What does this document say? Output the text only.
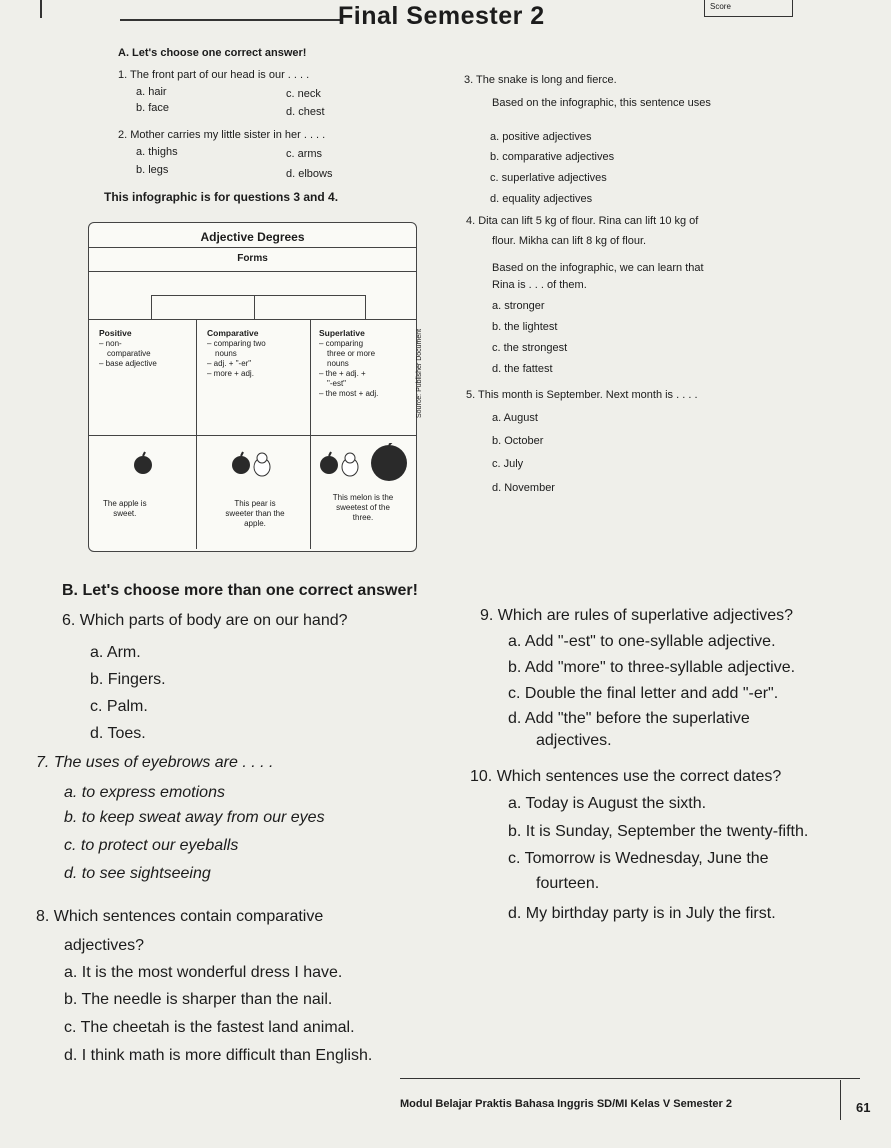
Final Semester 2	Score
A. Let's choose one correct answer!
1. The front part of our head is our . . . .
a. hair
b. face
c. neck
d. chest
2. Mother carries my little sister in her . . . .
a. thighs
b. legs
c. arms
d. elbows
This infographic is for questions 3 and 4.
Adjective Degrees
Forms
Positive
– non-
comparative
– base adjective
Comparative
– comparing two
nouns
– adj. + "-er"
– more + adj.
Superlative
– comparing
three or more
nouns
– the + adj. +
"-est"
– the most + adj.
The apple is
sweet.
This pear is
sweeter than the
apple.
This melon is the
sweetest of the
three.
Source: Publisher Document
3. The snake is long and fierce.
Based on the infographic, this sentence uses
a. positive adjectives
b. comparative adjectives
c. superlative adjectives
d. equality adjectives
4. Dita can lift 5 kg of flour. Rina can lift 10 kg of
flour. Mikha can lift 8 kg of flour.
Based on the infographic, we can learn that
Rina is . . . of them.
a. stronger
b. the lightest
c. the strongest
d. the fattest
5. This month is September. Next month is . . . .
a. August
b. October
c. July
d. November
B. Let's choose more than one correct answer!
6. Which parts of body are on our hand?
a. Arm.
b. Fingers.
c. Palm.
d. Toes.
7. The uses of eyebrows are . . . .
a. to express emotions
b. to keep sweat away from our eyes
c. to protect our eyeballs
d. to see sightseeing
8. Which sentences contain comparative
adjectives?
a. It is the most wonderful dress I have.
b. The needle is sharper than the nail.
c. The cheetah is the fastest land animal.
d. I think math is more difficult than English.
9. Which are rules of superlative adjectives?
a. Add "-est" to one-syllable adjective.
b. Add "more" to three-syllable adjective.
c. Double the final letter and add "-er".
d. Add "the" before the superlative
adjectives.
10. Which sentences use the correct dates?
a. Today is August the sixth.
b. It is Sunday, September the twenty-fifth.
c. Tomorrow is Wednesday, June the
fourteen.
d. My birthday party is in July the first.
Modul Belajar Praktis Bahasa Inggris SD/MI Kelas V Semester 2	61
